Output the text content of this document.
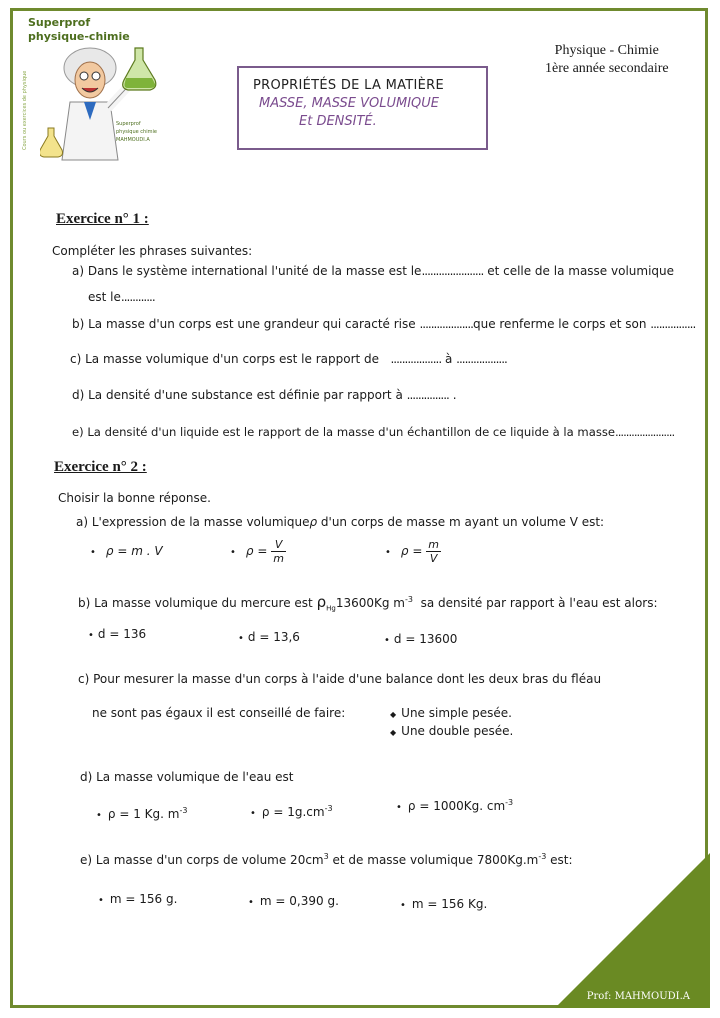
Prof: MAHMOUDI.A
Superprof
physique-chimie
Cours ou exercices de physique	Superprof
physique chimie
MAHMOUDI.A
Physique - Chimie
1ère année secondaire
PROPRIÉTÉS DE LA MATIÈRE
MASSE, MASSE VOLUMIQUE
Et DENSITÉ.
Exercice n° 1 :
Compléter les phrases suivantes:
a) Dans le système international l'unité de la masse est le...................... et celle de la masse volumique
est le............
b) La masse d'un corps est une grandeur qui caracté rise ...................que renferme le corps et son ................
c) La masse volumique d'un corps est le rapport de .................. à ..................
d) La densité d'une substance est définie par rapport à ............... .
e) La densité d'un liquide est le rapport de la masse d'un échantillon de ce liquide à la masse......................
Exercice n° 2 :
Choisir la bonne réponse.
a) L'expression de la masse volumiqueρ d'un corps de masse m ayant un volume V est:
• ρ = m . V	• $\rho = \frac{V}{m}$	• $\rho = \frac{m}{V}$
b) La masse volumique du mercure est $\rho_{Hg}13600Kg$ $m^{-3}$ sa densité par rapport à l'eau est alors:
• d = 136	• d = 13,6	• d = 13600
c) Pour mesurer la masse d'un corps à l'aide d'une balance dont les deux bras du fléau
ne sont pas égaux il est conseillé de faire:	◆ Une simple pesée.
◆ Une double pesée.
d) La masse volumique de l'eau est
• ρ = 1 Kg. $m^{-3}$	• $\rho = 1g.cm^{-3}$	• ρ = 1000Kg. $cm^{-3}$
e) La masse d'un corps de volume $20cm^3$ et de masse volumique $7800Kg.m^{-3}$ est:
• m = 156 g.	• m = 0,390 g.	• m = 156 Kg.
